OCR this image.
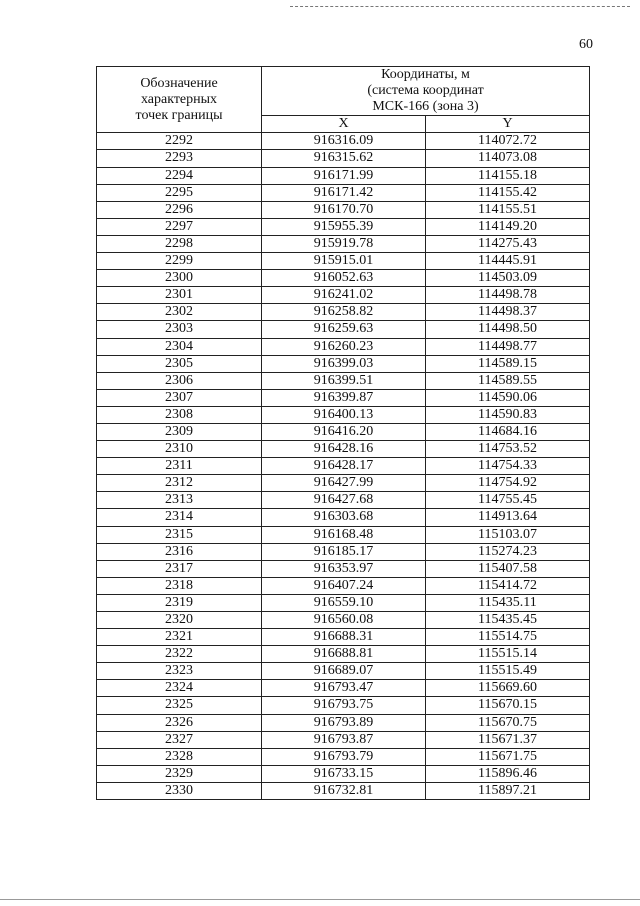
60
Обозначение
характерных
точек границы	Координаты, м
(система координат
МСК-166 (зона 3)	

	X	Y
2292	916316.09	114072.72
2293	916315.62	114073.08
2294	916171.99	114155.18
2295	916171.42	114155.42
2296	916170.70	114155.51
2297	915955.39	114149.20
2298	915919.78	114275.43
2299	915915.01	114445.91
2300	916052.63	114503.09
2301	916241.02	114498.78
2302	916258.82	114498.37
2303	916259.63	114498.50
2304	916260.23	114498.77
2305	916399.03	114589.15
2306	916399.51	114589.55
2307	916399.87	114590.06
2308	916400.13	114590.83
2309	916416.20	114684.16
2310	916428.16	114753.52
2311	916428.17	114754.33
2312	916427.99	114754.92
2313	916427.68	114755.45
2314	916303.68	114913.64
2315	916168.48	115103.07
2316	916185.17	115274.23
2317	916353.97	115407.58
2318	916407.24	115414.72
2319	916559.10	115435.11
2320	916560.08	115435.45
2321	916688.31	115514.75
2322	916688.81	115515.14
2323	916689.07	115515.49
2324	916793.47	115669.60
2325	916793.75	115670.15
2326	916793.89	115670.75
2327	916793.87	115671.37
2328	916793.79	115671.75
2329	916733.15	115896.46
2330	916732.81	115897.21
